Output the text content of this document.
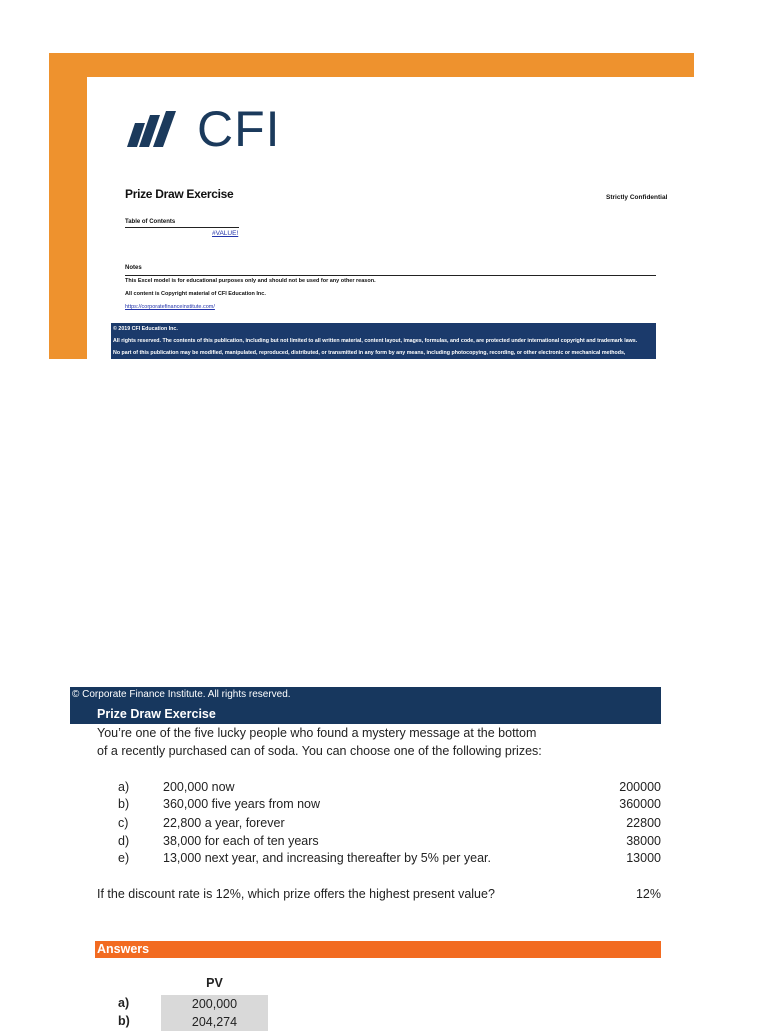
CFI
Prize Draw Exercise	Strictly Confidential
Table of Contents
#VALUE!
Notes
This Excel model is for educational purposes only and should not be used for any other reason.
All content is Copyright material of CFI Education Inc.
https://corporatefinanceinstitute.com/
© 2019 CFI Education Inc.
All rights reserved. The contents of this publication, including but not limited to all written material, content layout, images, formulas, and code, are protected under international copyright and trademark laws.
No part of this publication may be modified, manipulated, reproduced, distributed, or transmitted in any form by any means, including photocopying, recording, or other electronic or mechanical methods,
© Corporate Finance Institute. All rights reserved.
Prize Draw Exercise
You’re one of the five lucky people who found a mystery message at the bottom
of a recently purchased can of soda. You can choose one of the following prizes:
a)	200,000 now	200000
b)	360,000 five years from now	360000
c)	22,800 a year, forever	22800
d)	38,000 for each of ten years	38000
e)	13,000 next year, and increasing thereafter by 5% per year.	13000
If the discount rate is 12%, which prize offers the highest present value?	12%
Answers
PV
a)	200,000
b)	204,274
